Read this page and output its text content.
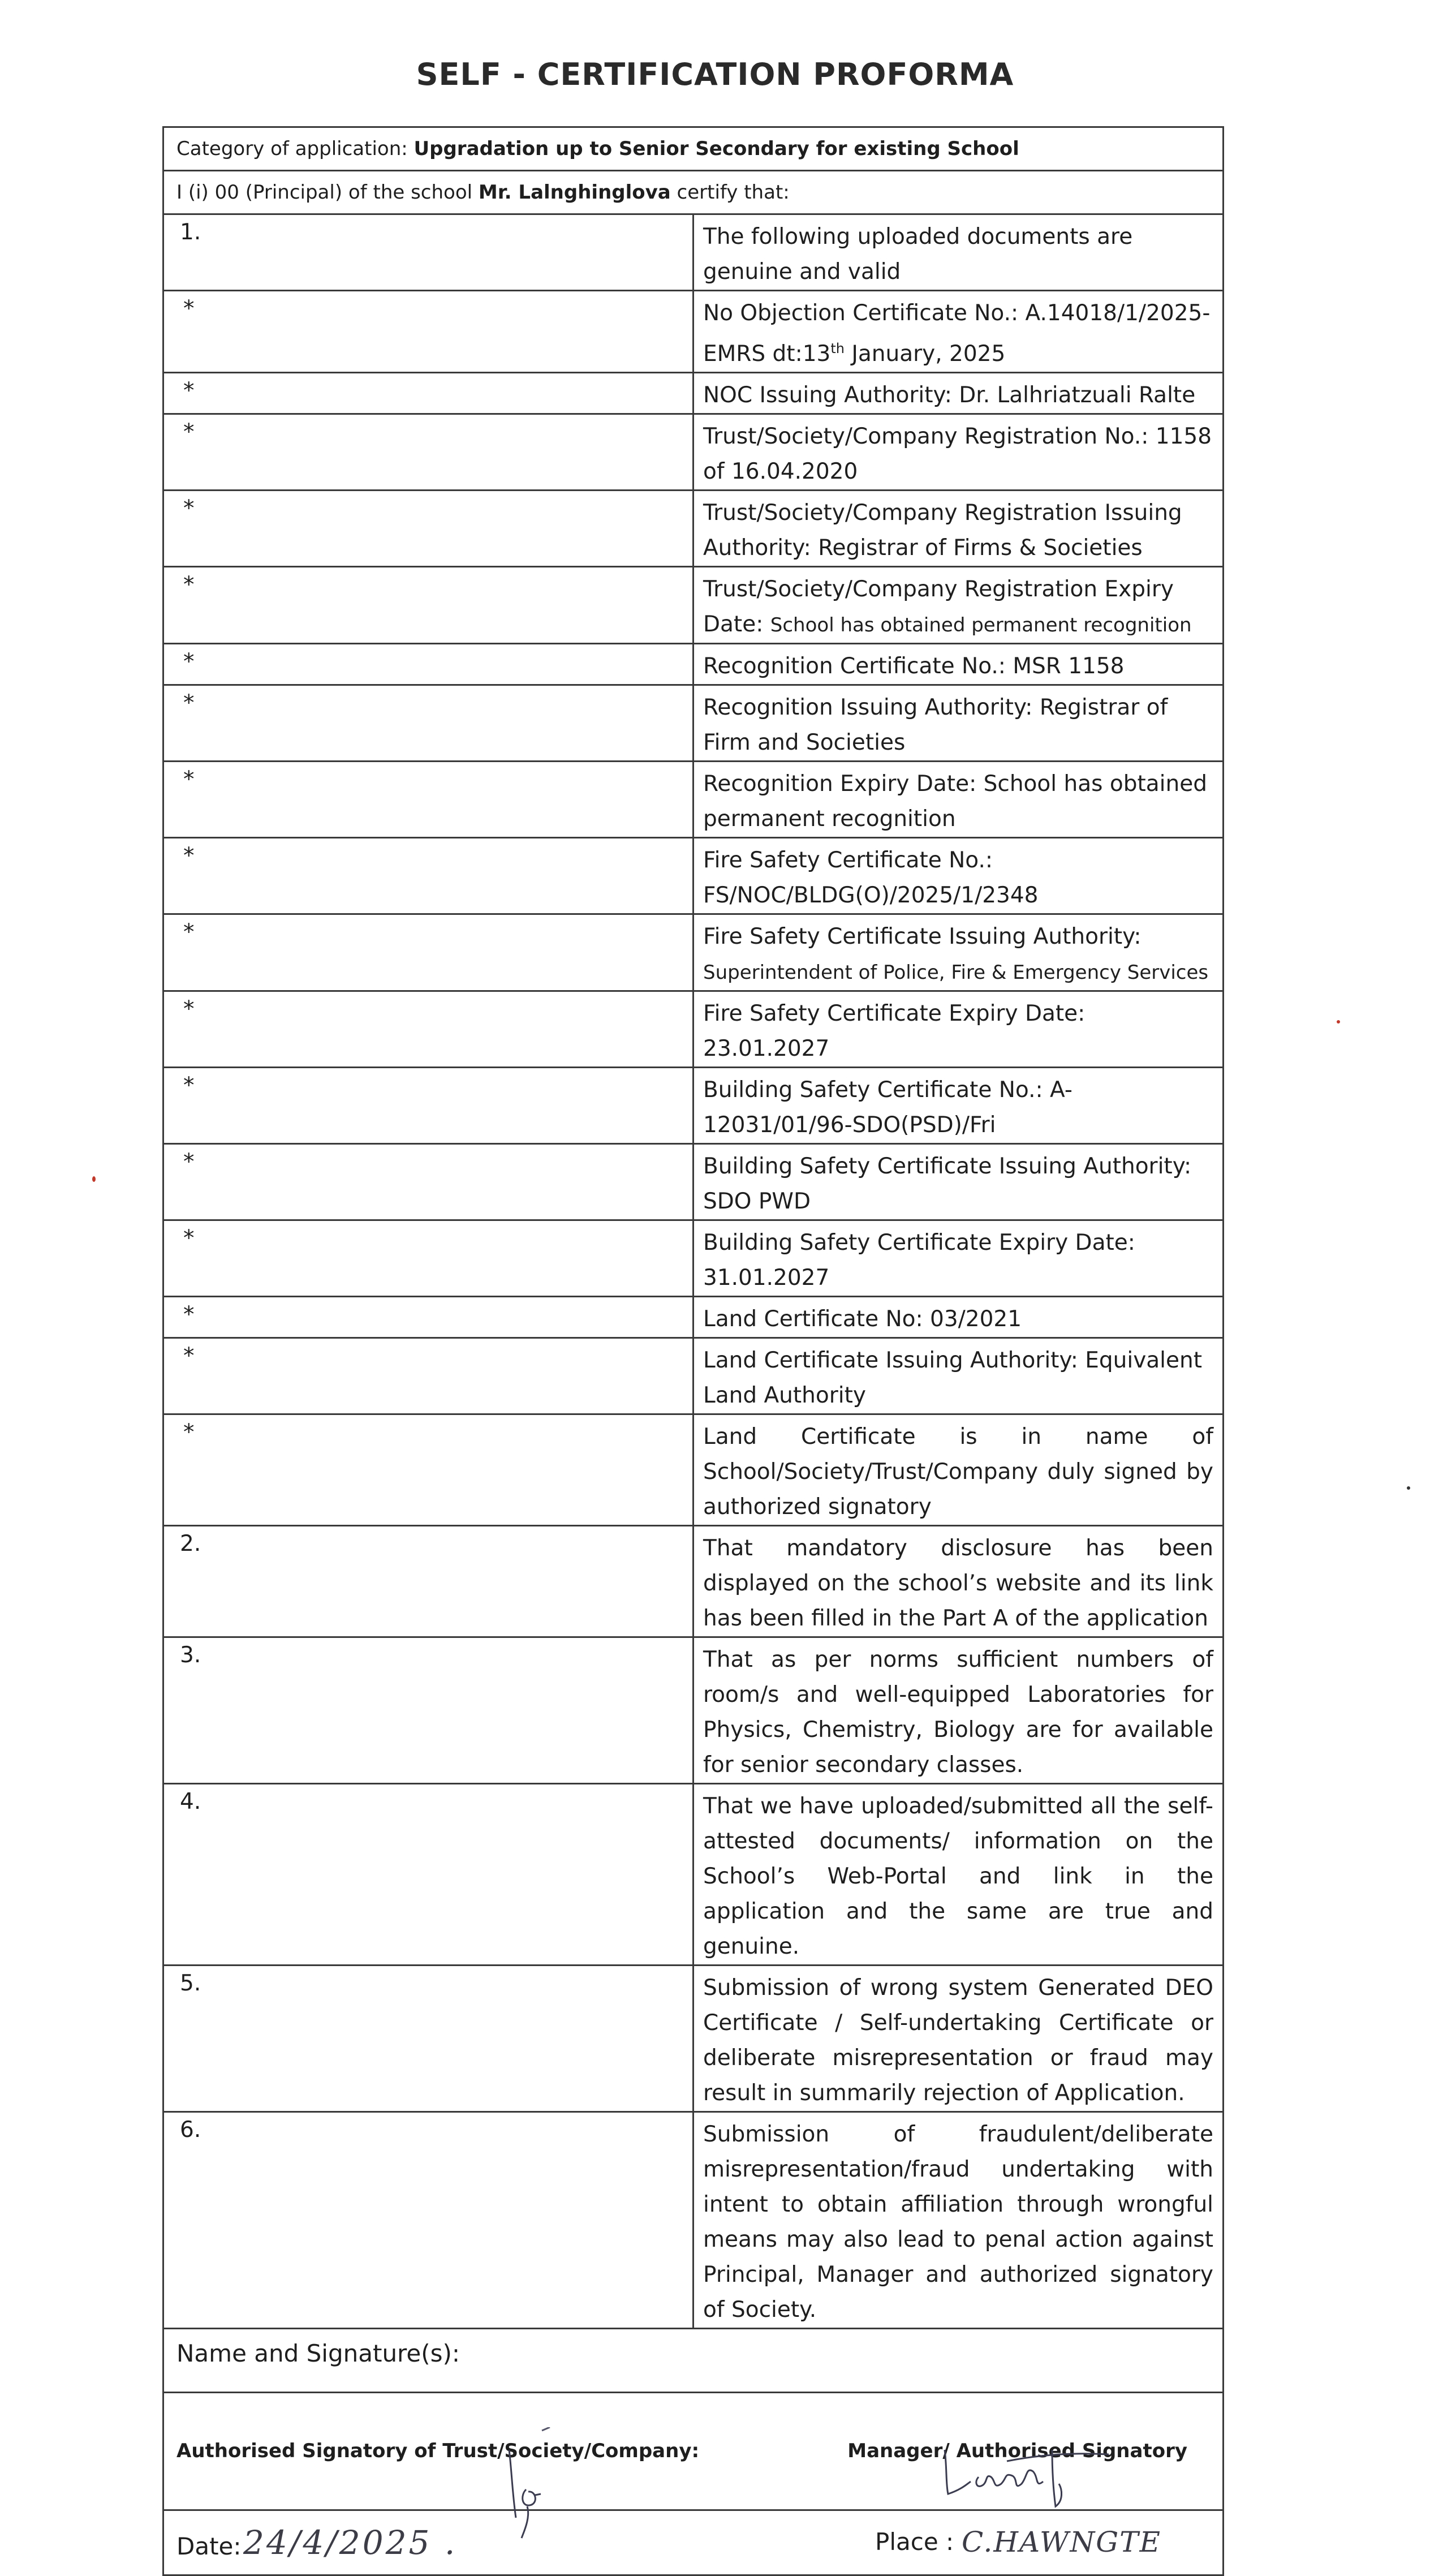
SELF - CERTIFICATION PROFORMA
Category of application: Upgradation up to Senior Secondary for existing School	
I (i) 00 (Principal) of the school Mr. Lalnghinglova certify that:	
1.	The following uploaded documents are genuine and valid
*	No Objection Certificate No.: A.14018/1/2025-EMRS dt:13th January, 2025
*	NOC Issuing Authority: Dr. Lalhriatzuali Ralte
*	Trust/Society/Company Registration No.: 1158 of 16.04.2020
*	Trust/Society/Company Registration Issuing Authority: Registrar of Firms & Societies
*	Trust/Society/Company Registration Expiry Date: School has obtained permanent recognition
*	Recognition Certificate No.: MSR 1158
*	Recognition Issuing Authority: Registrar of Firm and Societies
*	Recognition Expiry Date: School has obtained permanent recognition
*	Fire Safety Certificate No.: FS/NOC/BLDG(O)/2025/1/2348
*	Fire Safety Certificate Issuing Authority: Superintendent of Police, Fire & Emergency Services
*	Fire Safety Certificate Expiry Date: 23.01.2027
*	Building Safety Certificate No.: A-12031/01/96-SDO(PSD)/Fri
*	Building Safety Certificate Issuing Authority: SDO PWD
*	Building Safety Certificate Expiry Date: 31.01.2027
*	Land Certificate No: 03/2021
*	Land Certificate Issuing Authority: Equivalent Land Authority
*	Land Certificate is in name of School/Society/Trust/Company duly signed by authorized signatory
2.	That mandatory disclosure has been displayed on the school’s website and its link has been filled in the Part A of the application
3.	That as per norms sufficient numbers of room/s and well-equipped Laboratories for Physics, Chemistry, Biology are for available for senior secondary classes.
4.	That we have uploaded/submitted all the self-attested documents/ information on the School’s Web-Portal and link in the application and the same are true and genuine.
5.	Submission of wrong system Generated DEO Certificate / Self-undertaking Certificate or deliberate misrepresentation or fraud may result in summarily rejection of Application.
6.	Submission of fraudulent/deliberate misrepresentation/fraud undertaking with intent to obtain affiliation through wrongful means may also lead to penal action against Principal, Manager and authorized signatory of Society.
Name and Signature(s):	

Authorised Signatory of Trust/Society/Company: Manager/ Authorised Signatory	

Date: 24/4/2025 . Place : C.HAWNGTE	
